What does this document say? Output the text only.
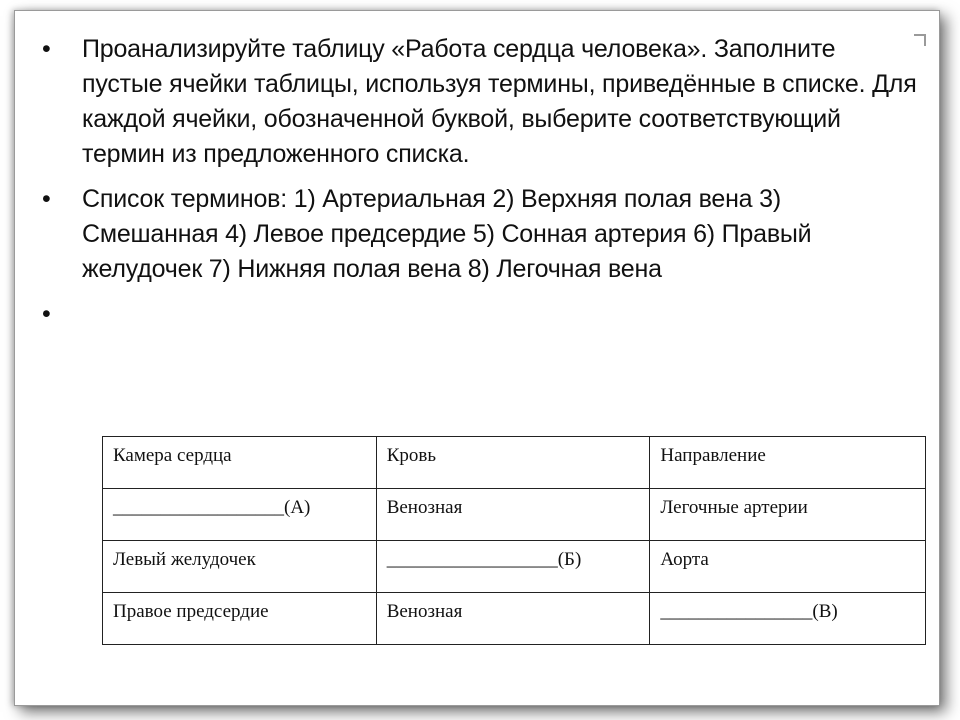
• Проанализируйте таблицу «Работа сердца человека». Заполните пустые ячейки таблицы, используя термины, приведённые в списке. Для каждой ячейки, обозначенной буквой, выберите соответствующий термин из предложенного списка.
• Список терминов: 1) Артериальная 2) Верхняя полая вена 3) Смешанная 4) Левое предсердие 5) Сонная артерия 6) Правый желудочек 7) Нижняя полая вена 8) Легочная вена
•
Камера сердца	Кровь	Направление
__________________(А)	Венозная	Легочные артерии
Левый желудочек	__________________(Б)	Аорта
Правое предсердие	Венозная	________________(В)
